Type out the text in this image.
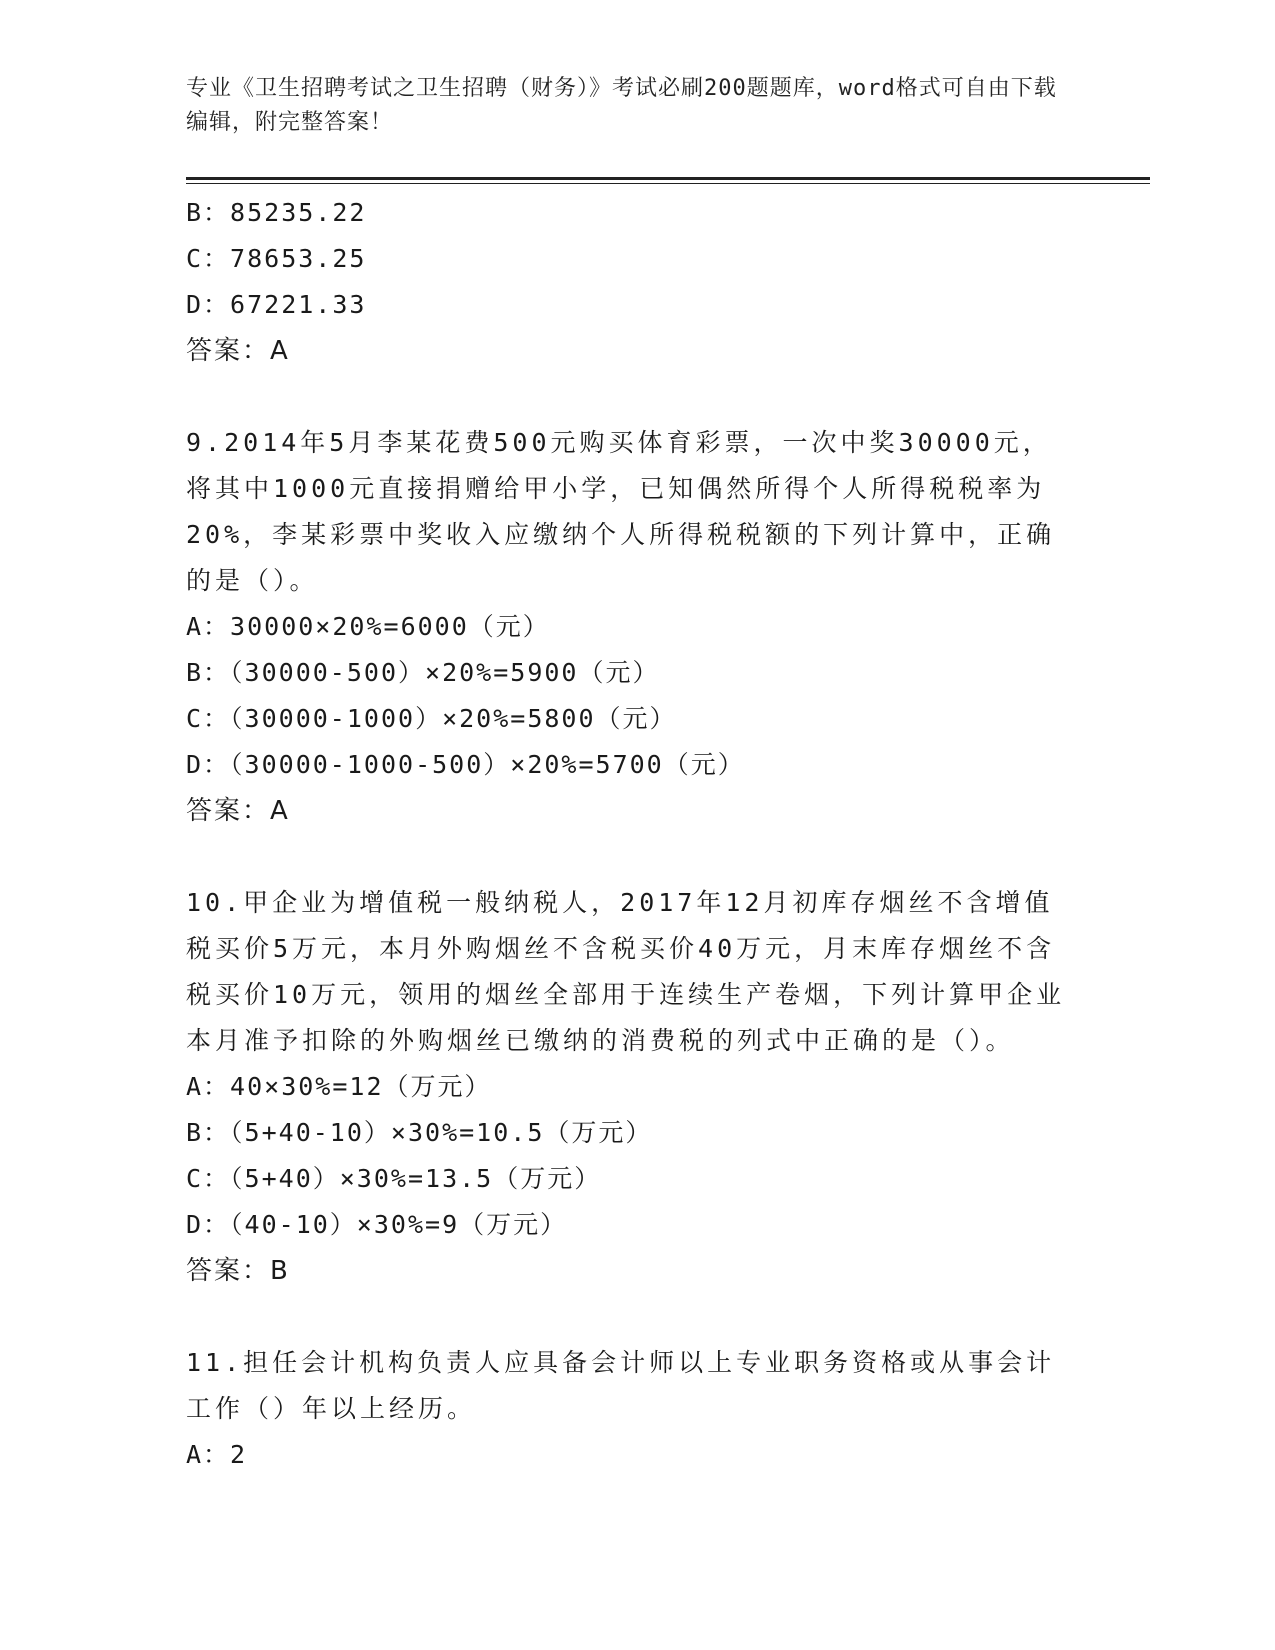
专业《卫生招聘考试之卫生招聘（财务）》考试必刷200题题库，word格式可自由下载编辑，附完整答案！
B：85235.22
C：78653.25
D：67221.33
答案：A
9.2014年5月李某花费500元购买体育彩票，一次中奖30000元，将其中1000元直接捐赠给甲小学，已知偶然所得个人所得税税率为20%，李某彩票中奖收入应缴纳个人所得税税额的下列计算中，正确的是（）。
A：30000×20%=6000（元）
B：（30000-500）×20%=5900（元）
C：（30000-1000）×20%=5800（元）
D：（30000-1000-500）×20%=5700（元）
答案：A
10.甲企业为增值税一般纳税人，2017年12月初库存烟丝不含增值税买价5万元，本月外购烟丝不含税买价40万元，月末库存烟丝不含税买价10万元，领用的烟丝全部用于连续生产卷烟，下列计算甲企业本月准予扣除的外购烟丝已缴纳的消费税的列式中正确的是（）。
A：40×30%=12（万元）
B：（5+40-10）×30%=10.5（万元）
C：（5+40）×30%=13.5（万元）
D：（40-10）×30%=9（万元）
答案：B
11.担任会计机构负责人应具备会计师以上专业职务资格或从事会计工作（）年以上经历。
A：2
